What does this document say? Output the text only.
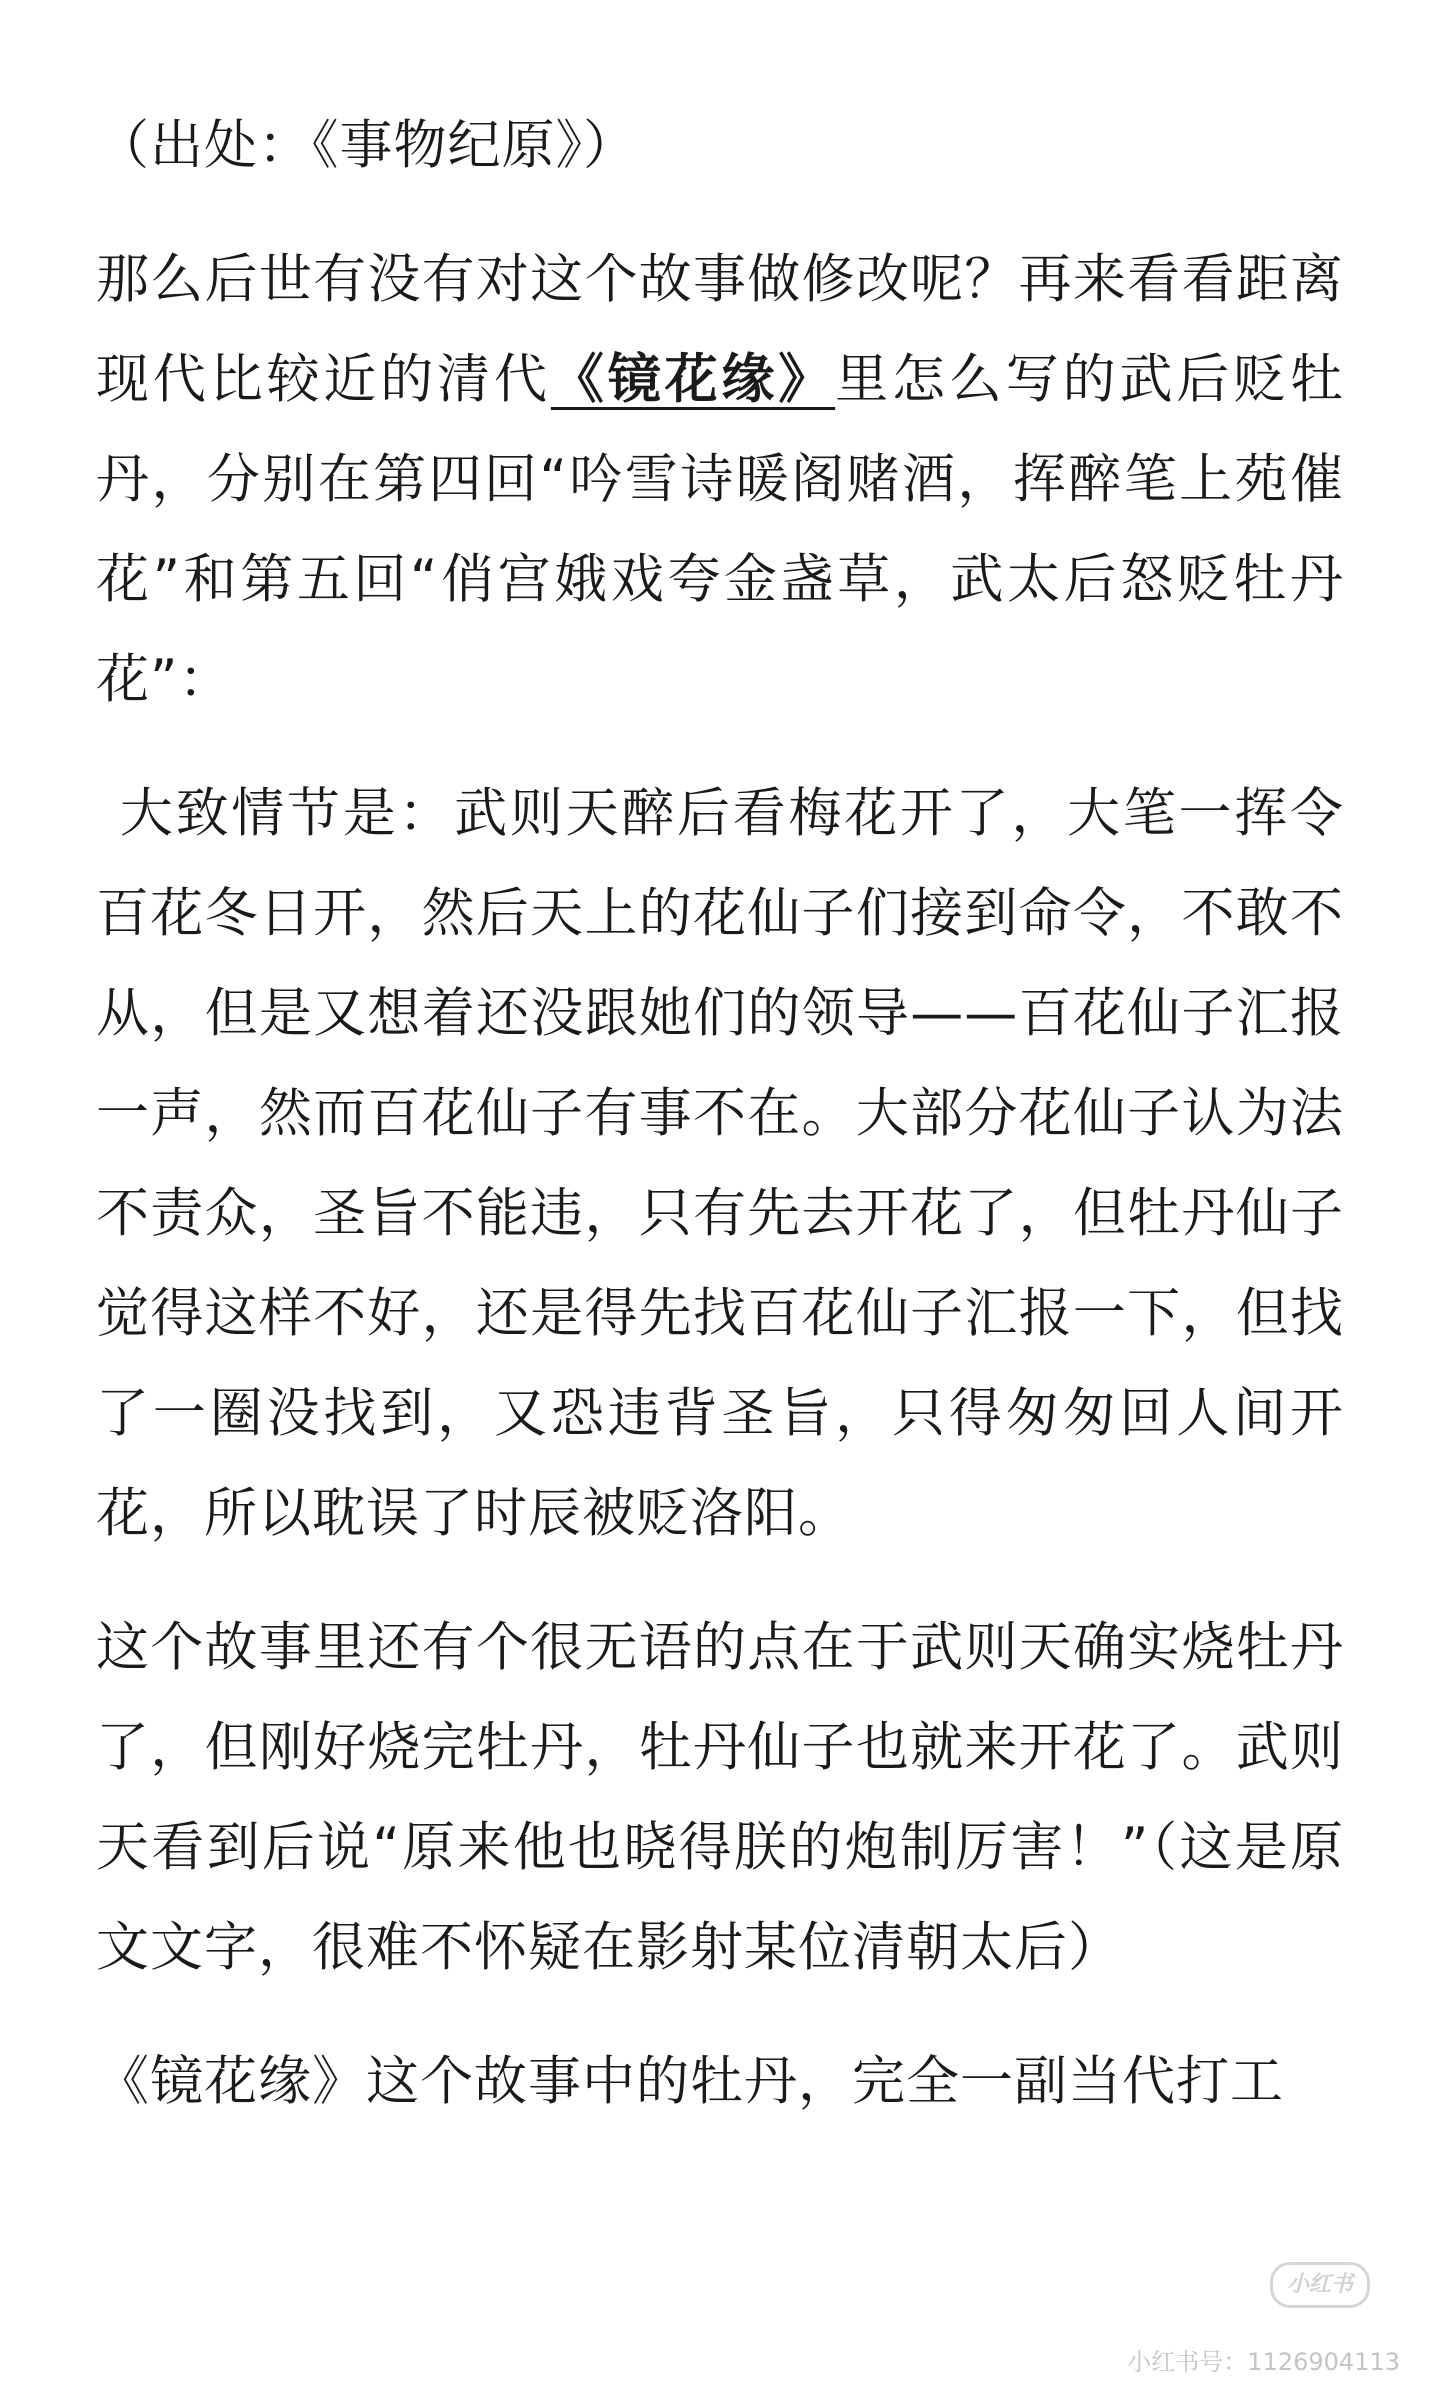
（出处：《事物纪原》）

那么后世有没有对这个故事做修改呢？再来看看距离现代比较近的清代《镜花缘》里怎么写的武后贬牡丹，分别在第四回“吟雪诗暖阁赌酒，挥醉笔上苑催花”和第五回“俏宫娥戏夸金盏草，武太后怒贬牡丹花”：

大致情节是：武则天醉后看梅花开了，大笔一挥令百花冬日开，然后天上的花仙子们接到命令，不敢不从，但是又想着还没跟她们的领导——百花仙子汇报一声，然而百花仙子有事不在。大部分花仙子认为法不责众，圣旨不能违，只有先去开花了，但牡丹仙子觉得这样不好，还是得先找百花仙子汇报一下，但找了一圈没找到，又恐违背圣旨，只得匆匆回人间开花，所以耽误了时辰被贬洛阳。

这个故事里还有个很无语的点在于武则天确实烧牡丹了，但刚好烧完牡丹，牡丹仙子也就来开花了。武则天看到后说“原来他也晓得朕的炮制厉害！”（这是原文文字，很难不怀疑在影射某位清朝太后）

《镜花缘》这个故事中的牡丹，完全一副当代打工

小红书
小红书号：1126904113
